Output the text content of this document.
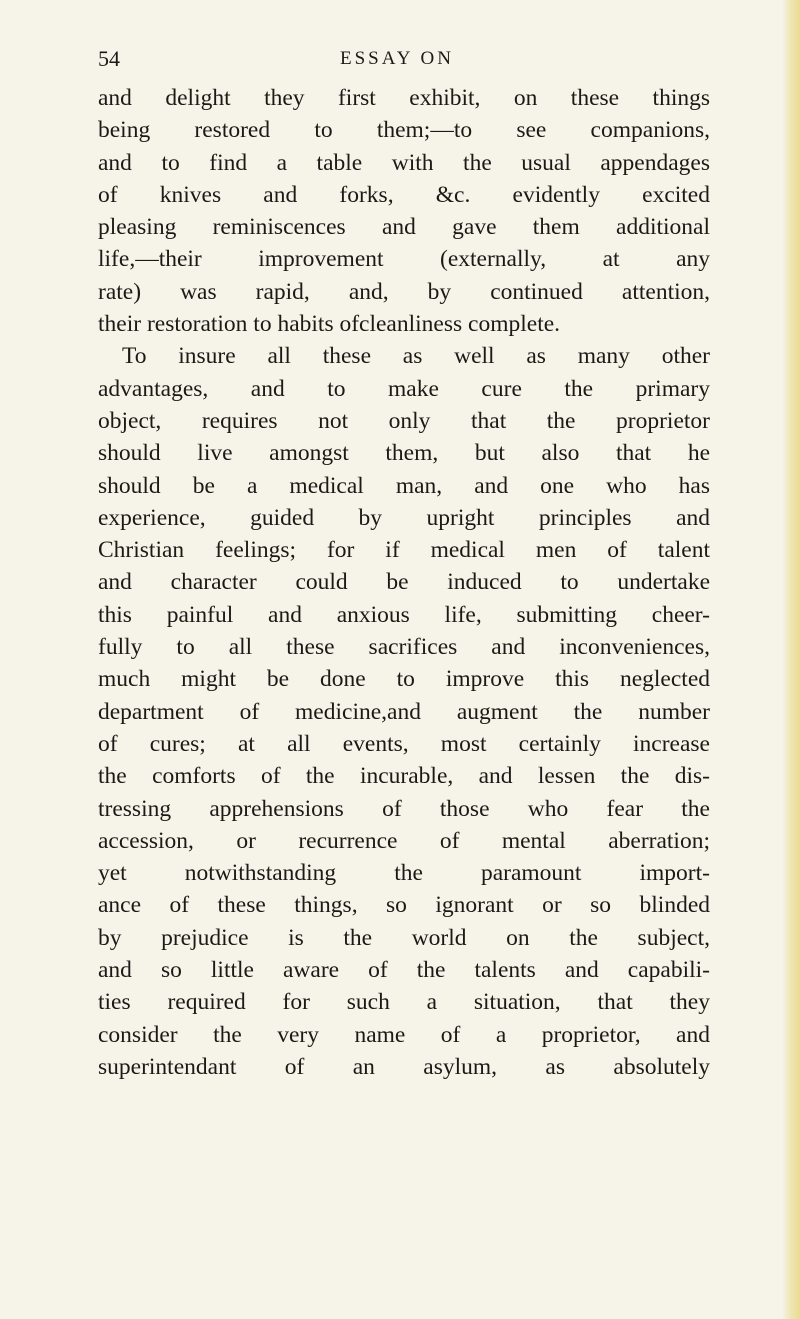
54	ESSAY ON
and delight they first exhibit, on these things
being restored to them;—to see companions,
and to find a table with the usual appendages
of knives and forks, &c. evidently excited
pleasing reminiscences and gave them additional
life,—their improvement (externally, at any
rate) was rapid, and, by continued attention,
their restoration to habits ofcleanliness complete.
To insure all these as well as many other
advantages, and to make cure the primary
object, requires not only that the proprietor
should live amongst them, but also that he
should be a medical man, and one who has
experience, guided by upright principles and
Christian feelings; for if medical men of talent
and character could be induced to undertake
this painful and anxious life, submitting cheer-
fully to all these sacrifices and inconveniences,
much might be done to improve this neglected
department of medicine,and augment the number
of cures; at all events, most certainly increase
the comforts of the incurable, and lessen the dis-
tressing apprehensions of those who fear the
accession, or recurrence of mental aberration;
yet notwithstanding the paramount import-
ance of these things, so ignorant or so blinded
by prejudice is the world on the subject,
and so little aware of the talents and capabili-
ties required for such a situation, that they
consider the very name of a proprietor, and
superintendant of an asylum, as absolutely
